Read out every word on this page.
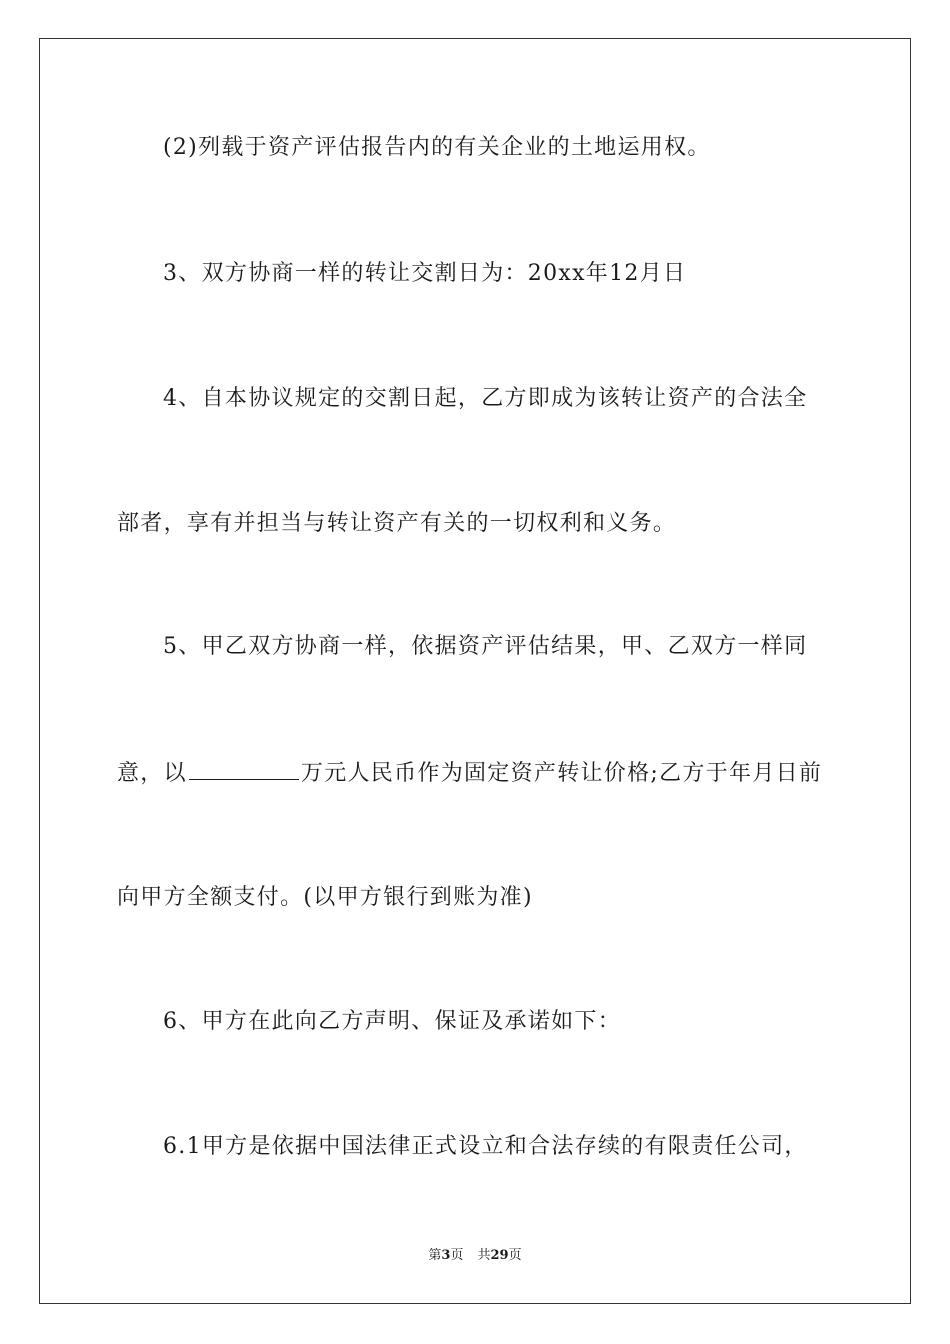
(2)列载于资产评估报告内的有关企业的土地运用权。
3、双方协商一样的转让交割日为：20xx年12月日
4、自本协议规定的交割日起，乙方即成为该转让资产的合法全
部者，享有并担当与转让资产有关的一切权利和义务。
5、甲乙双方协商一样，依据资产评估结果，甲、乙双方一样同
意，以	万元人民币作为固定资产转让价格;乙方于年月日前
向甲方全额支付。(以甲方银行到账为准)
6、甲方在此向乙方声明、保证及承诺如下：
6.1甲方是依据中国法律正式设立和合法存续的有限责任公司，
第3页 共29页
